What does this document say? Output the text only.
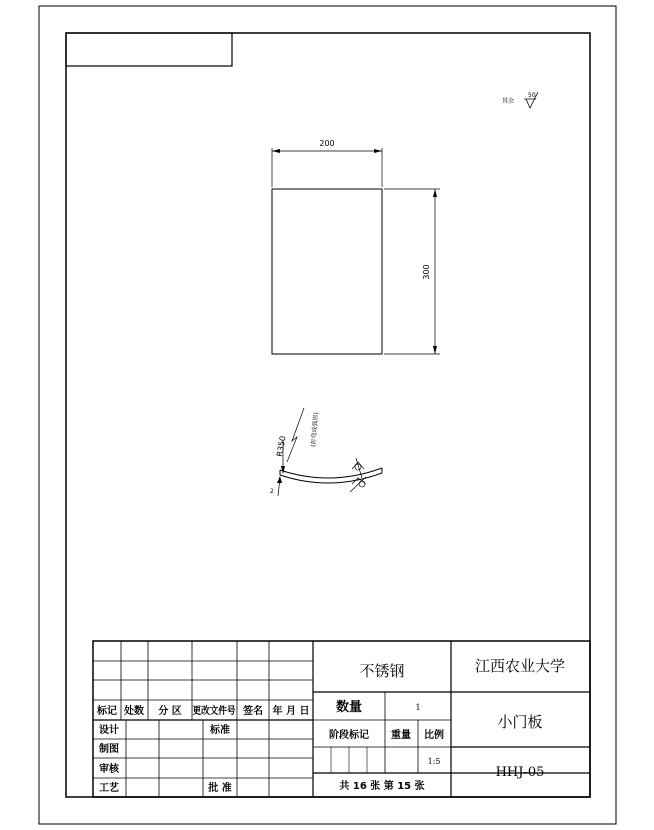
其余
50
200
300
R350	(折弯成弧形)
2
不锈钢	江西农业大学
小门板
HHJ-05
数量	1
阶段标记 重量 比例
1:5
共 16 张 第 15 张
标记 处数 分 区 更改文件号 签名 年 月 日
设计	标准
制图
审核
工艺	批 准
